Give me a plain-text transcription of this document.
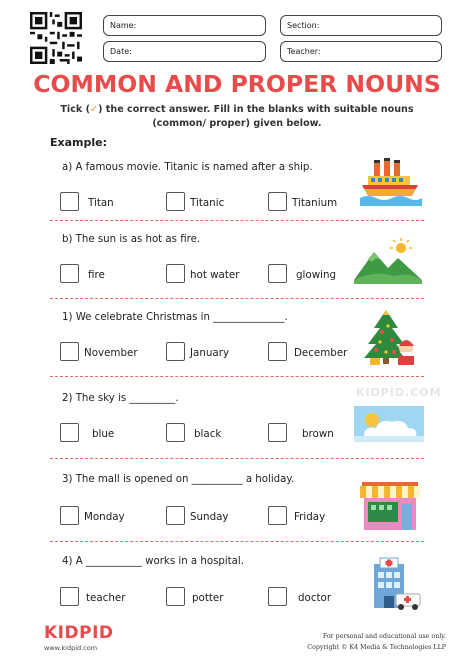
Name:	Section:
Date:	Teacher:
COMMON AND PROPER NOUNS
Tick (✓) the correct answer. Fill in the blanks with suitable nouns
(common/ proper) given below.
Example:
KIDPID.COM
a) A famous movie. Titanic is named after a ship.
Titan	Titanic	Titanium
b) The sun is as hot as fire.
fire	hot water	glowing
1) We celebrate Christmas in ______________.
November	January	December
2) The sky is _________.
blue	black	brown
3) The mall is opened on __________ a holiday.
Monday	Sunday	Friday
4) A ___________ works in a hospital.
teacher	potter	doctor
KIDPID
www.kidpid.com
For personal and educational use only.
Copyright © K4 Media & Technologies LLP
